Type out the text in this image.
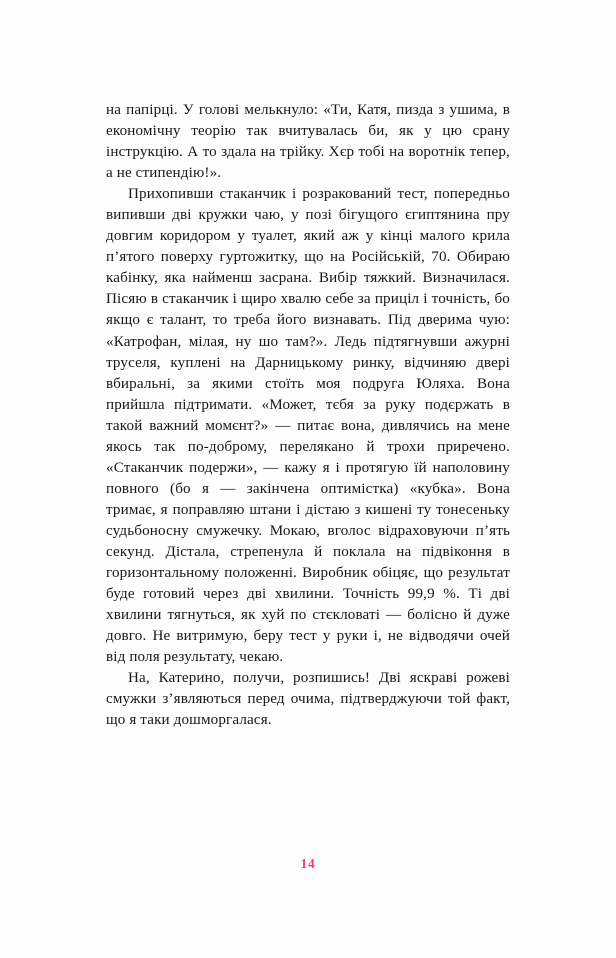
на папірці. У голові мелькнуло: «Ти, Катя, пизда з ушима, в економічну теорію так вчитувалась би, як у цю срану інструкцію. А то здала на трійку. Хєр тобі на воротнік тепер, а не стипендію!».

Прихопивши стаканчик і розракований тест, попередньо випивши дві кружки чаю, у позі бігущого єгиптянина пру довгим коридором у туалет, який аж у кінці малого крила п’ятого поверху гуртожитку, що на Російській, 70. Обираю кабінку, яка найменш засрана. Вибір тяжкий. Визначилася. Пісяю в стаканчик і щиро хвалю себе за приціл і точність, бо якщо є талант, то треба його визнавать. Під дверима чую: «Катрофан, мілая, ну шо там?». Ледь підтягнувши ажурні труселя, куплені на Дарницькому ринку, відчиняю двері вбиральні, за якими стоїть моя подруга Юляха. Вона прийшла підтримати. «Может, тєбя за руку подєржать в такой важний момєнт?» — питає вона, дивлячись на мене якось так по-доброму, перелякано й трохи приречено. «Стаканчик подержи», — кажу я і протягую їй наполовину повного (бо я — закінчена оптимістка) «кубка». Вона тримає, я поправляю штани і дістаю з кишені ту тонесеньку судьбоносну смужечку. Мокаю, вголос відраховуючи п’ять секунд. Дістала, стрепенула й поклала на підвіконня в горизонтальному положенні. Виробник обіцяє, що результат буде готовий через дві хвилини. Точність 99,9 %. Ті дві хвилини тягнуться, як хуй по стєкловаті — болісно й дуже довго. Не витримую, беру тест у руки і, не відводячи очей від поля результату, чекаю.

На, Катерино, получи, розпишись! Дві яскраві рожеві смужки з’являються перед очима, підтверджуючи той факт, що я таки дошморгалася.

14
